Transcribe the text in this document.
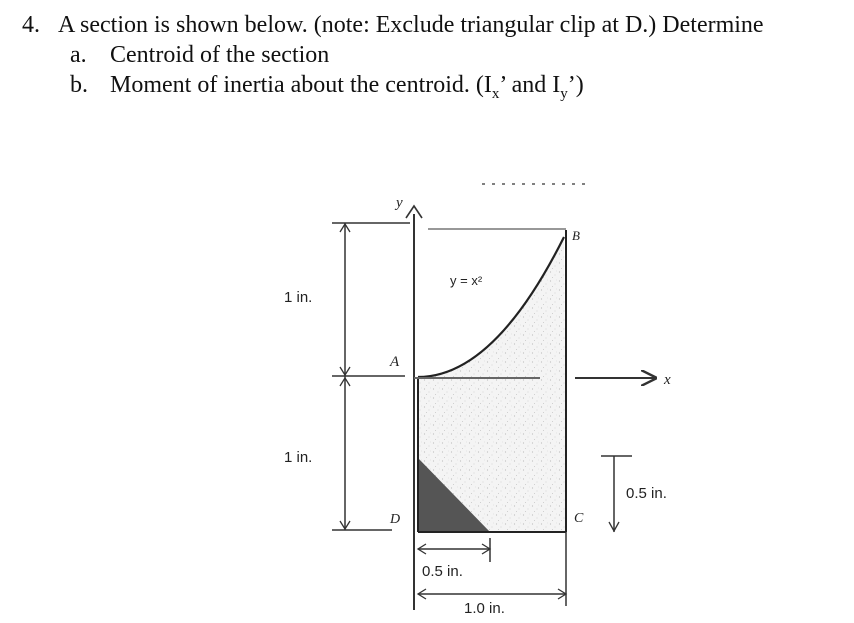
4. A section is shown below. (note: Exclude triangular clip at D.) Determine
a. Centroid of the section
b. Moment of inertia about the centroid. ($I_x$’ and $I_y$’)
y
x
1 in.
1 in.
A
B
C
D
y = x²
0.5 in.
0.5 in.
1.0 in.
